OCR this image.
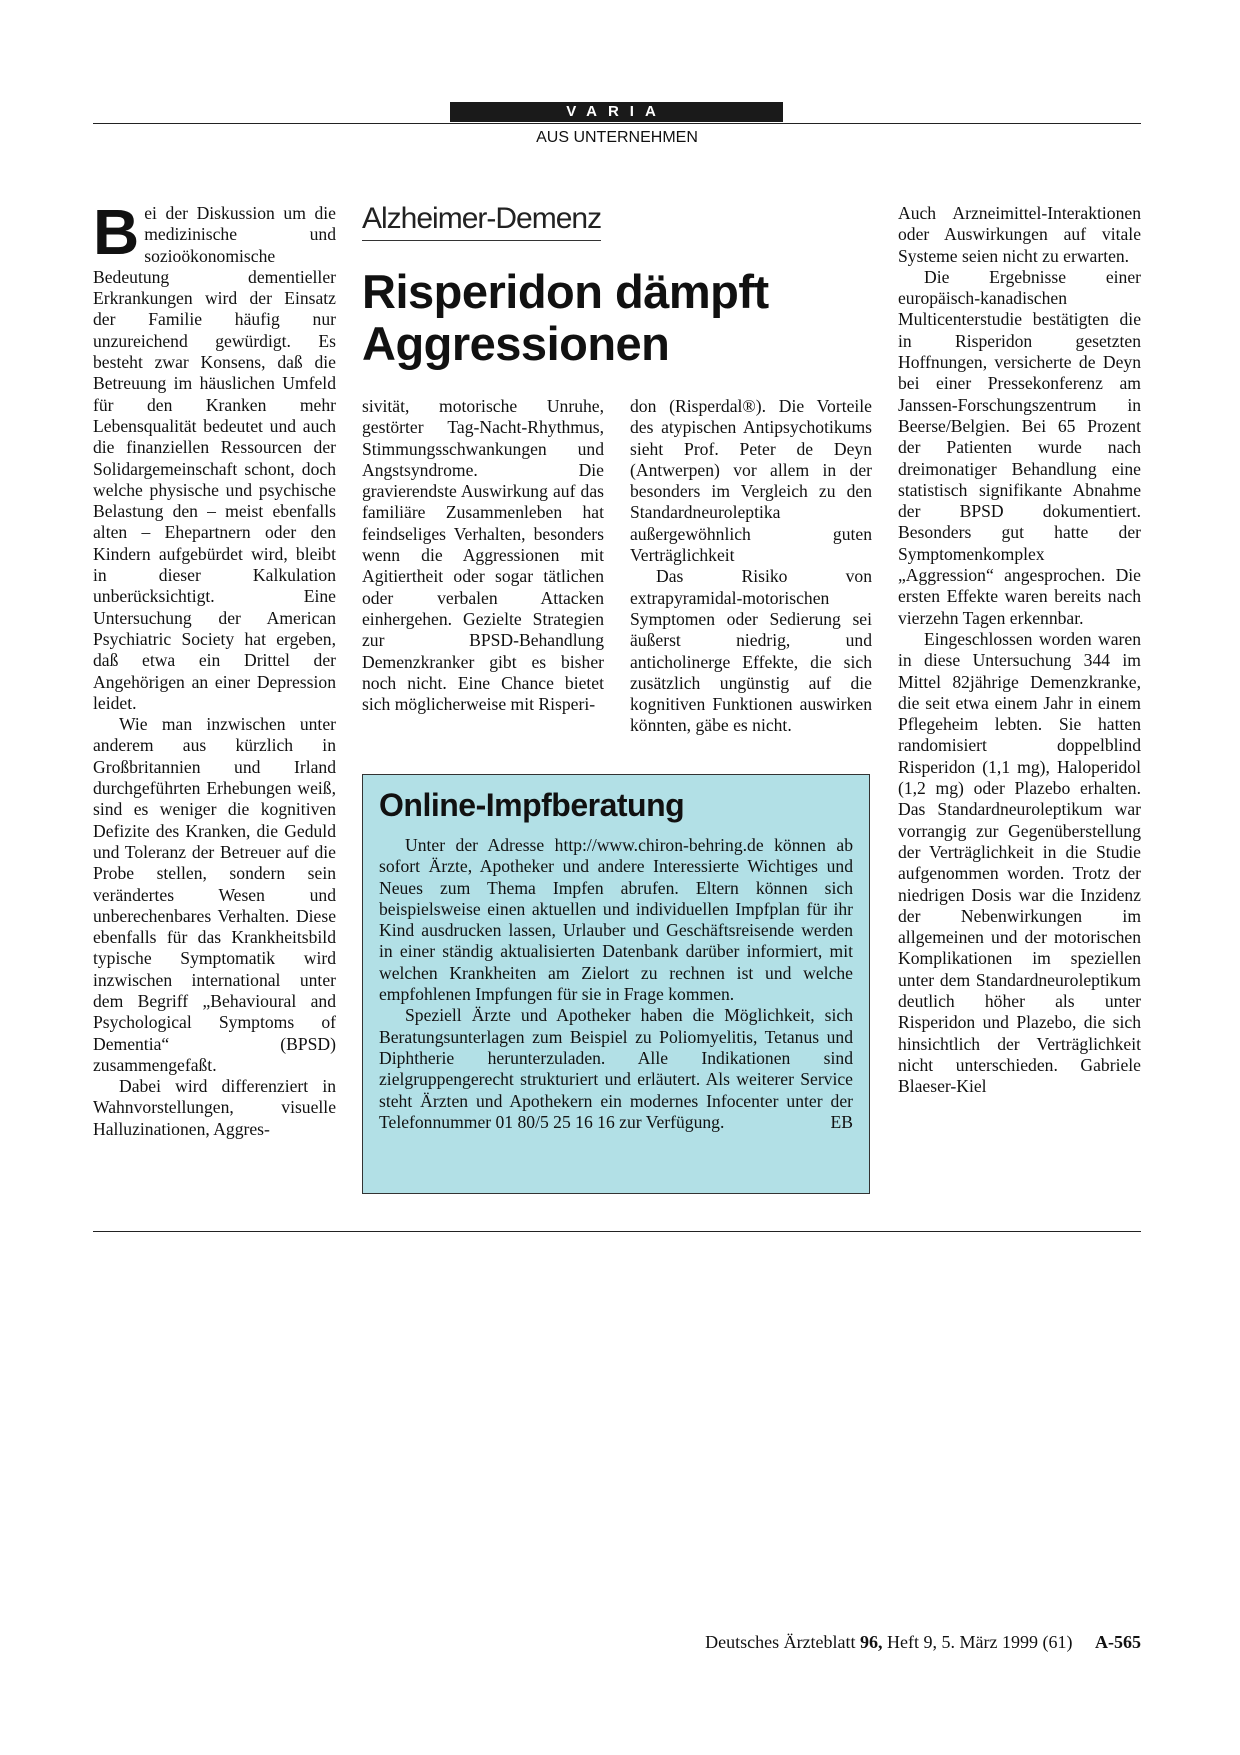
VARIA
AUS UNTERNEHMEN
Alzheimer-Demenz
Risperidon dämpft Aggressionen
B ei der Diskussion um die medizinische und sozioökonomische Bedeutung dementieller Erkrankungen wird der Einsatz der Familie häufig nur unzureichend gewürdigt. Es besteht zwar Konsens, daß die Betreuung im häuslichen Umfeld für den Kranken mehr Lebensqualität bedeutet und auch die finanziellen Ressourcen der Solidargemeinschaft schont, doch welche physische und psychische Belastung den – meist ebenfalls alten – Ehepartnern oder den Kindern aufgebürdet wird, bleibt in dieser Kalkulation unberücksichtigt. Eine Untersuchung der American Psychiatric Society hat ergeben, daß etwa ein Drittel der Angehörigen an einer Depression leidet.

Wie man inzwischen unter anderem aus kürzlich in Großbritannien und Irland durchgeführten Erhebungen weiß, sind es weniger die kognitiven Defizite des Kranken, die Geduld und Toleranz der Betreuer auf die Probe stellen, sondern sein verändertes Wesen und unberechenbares Verhalten. Diese ebenfalls für das Krankheitsbild typische Symptomatik wird inzwischen international unter dem Begriff „Behavioural and Psychological Symptoms of Dementia“ (BPSD) zusammengefaßt.

Dabei wird differenziert in Wahnvorstellungen, visuelle Halluzinationen, Aggres-

sivität, motorische Unruhe, gestörter Tag-Nacht-Rhythmus, Stimmungsschwankungen und Angstsyndrome. Die gravierendste Auswirkung auf das familiäre Zusammenleben hat feindseliges Verhalten, besonders wenn die Aggressionen mit Agitiertheit oder sogar tätlichen oder verbalen Attacken einhergehen. Gezielte Strategien zur BPSD-Behandlung Demenzkranker gibt es bisher noch nicht. Eine Chance bietet sich möglicherweise mit Risperi-

don (Risperdal®). Die Vorteile des atypischen Antipsychotikums sieht Prof. Peter de Deyn (Antwerpen) vor allem in der besonders im Vergleich zu den Standardneuroleptika außergewöhnlich guten Verträglichkeit

Das Risiko von extrapyramidal-motorischen Symptomen oder Sedierung sei äußerst niedrig, und anticholinerge Effekte, die sich zusätzlich ungünstig auf die kognitiven Funktionen auswirken könnten, gäbe es nicht.

Auch Arzneimittel-Interaktionen oder Auswirkungen auf vitale Systeme seien nicht zu erwarten.

Die Ergebnisse einer europäisch-kanadischen Multicenterstudie bestätigten die in Risperidon gesetzten Hoffnungen, versicherte de Deyn bei einer Pressekonferenz am Janssen-Forschungszentrum in Beerse/Belgien. Bei 65 Prozent der Patienten wurde nach dreimonatiger Behandlung eine statistisch signifikante Abnahme der BPSD dokumentiert. Besonders gut hatte der Symptomenkomplex „Aggression“ angesprochen. Die ersten Effekte waren bereits nach vierzehn Tagen erkennbar.

Eingeschlossen worden waren in diese Untersuchung 344 im Mittel 82jährige Demenzkranke, die seit etwa einem Jahr in einem Pflegeheim lebten. Sie hatten randomisiert doppelblind Risperidon (1,1 mg), Haloperidol (1,2 mg) oder Plazebo erhalten. Das Standardneuroleptikum war vorrangig zur Gegenüberstellung der Verträglichkeit in die Studie aufgenommen worden. Trotz der niedrigen Dosis war die Inzidenz der Nebenwirkungen im allgemeinen und der motorischen Komplikationen im speziellen unter dem Standardneuroleptikum deutlich höher als unter Risperidon und Plazebo, die sich hinsichtlich der Verträglichkeit nicht unterschieden. Gabriele Blaeser-Kiel

Online-Impfberatung

Unter der Adresse http://www.chiron-behring.de können ab sofort Ärzte, Apotheker und andere Interessierte Wichtiges und Neues zum Thema Impfen abrufen. Eltern können sich beispielsweise einen aktuellen und individuellen Impfplan für ihr Kind ausdrucken lassen, Urlauber und Geschäftsreisende werden in einer ständig aktualisierten Datenbank darüber informiert, mit welchen Krankheiten am Zielort zu rechnen ist und welche empfohlenen Impfungen für sie in Frage kommen.

Speziell Ärzte und Apotheker haben die Möglichkeit, sich Beratungsunterlagen zum Beispiel zu Poliomyelitis, Tetanus und Diphtherie herunterzuladen. Alle Indikationen sind zielgruppengerecht strukturiert und erläutert. Als weiterer Service steht Ärzten und Apothekern ein modernes Infocenter unter der Telefonnummer 01 80/5 25 16 16 zur Verfügung.	EB
Deutsches Ärzteblatt 96, Heft 9, 5. März 1999 (61) A-565
